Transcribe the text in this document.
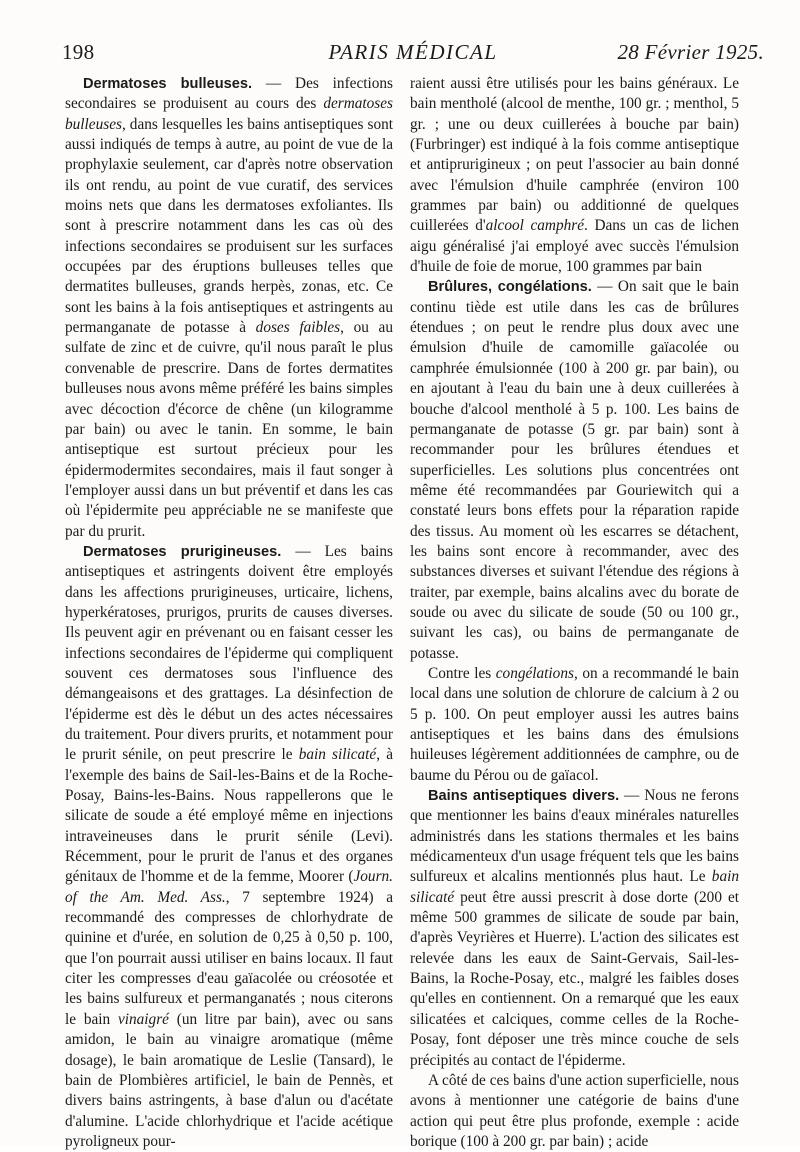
198	PARIS MÉDICAL	28 Février 1925.

Dermatoses bulleuses. — Des infections secondaires se produisent au cours des dermatoses bulleuses, dans lesquelles les bains antiseptiques sont aussi indiqués de temps à autre, au point de vue de la prophylaxie seulement, car d'après notre observation ils ont rendu, au point de vue curatif, des services moins nets que dans les dermatoses exfoliantes. Ils sont à prescrire notamment dans les cas où des infections secondaires se produisent sur les surfaces occupées par des éruptions bulleuses telles que dermatites bulleuses, grands herpès, zonas, etc. Ce sont les bains à la fois antiseptiques et astringents au permanganate de potasse à doses faibles, ou au sulfate de zinc et de cuivre, qu'il nous paraît le plus convenable de prescrire. Dans de fortes dermatites bulleuses nous avons même préféré les bains simples avec décoction d'écorce de chêne (un kilogramme par bain) ou avec le tanin. En somme, le bain antiseptique est surtout précieux pour les épidermodermites secondaires, mais il faut songer à l'employer aussi dans un but préventif et dans les cas où l'épidermite peu appréciable ne se manifeste que par du prurit.

Dermatoses prurigineuses. — Les bains antiseptiques et astringents doivent être employés dans les affections prurigineuses, urticaire, lichens, hyperkératoses, prurigos, prurits de causes diverses. Ils peuvent agir en prévenant ou en faisant cesser les infections secondaires de l'épiderme qui compliquent souvent ces dermatoses sous l'influence des démangeaisons et des grattages. La désinfection de l'épiderme est dès le début un des actes nécessaires du traitement. Pour divers prurits, et notamment pour le prurit sénile, on peut prescrire le bain silicaté, à l'exemple des bains de Sail-les-Bains et de la Roche-Posay, Bains-les-Bains. Nous rappellerons que le silicate de soude a été employé même en injections intraveineuses dans le prurit sénile (Levi). Récemment, pour le prurit de l'anus et des organes génitaux de l'homme et de la femme, Moorer (Journ. of the Am. Med. Ass., 7 septembre 1924) a recommandé des compresses de chlorhydrate de quinine et d'urée, en solution de 0,25 à 0,50 p. 100, que l'on pourrait aussi utiliser en bains locaux. Il faut citer les compresses d'eau gaïacolée ou créosotée et les bains sulfureux et permanganatés ; nous citerons le bain vinaigré (un litre par bain), avec ou sans amidon, le bain au vinaigre aromatique (même dosage), le bain aromatique de Leslie (Tansard), le bain de Plombières artificiel, le bain de Pennès, et divers bains astringents, à base d'alun ou d'acétate d'alumine. L'acide chlorhydrique et l'acide acétique pyroligneux pour-

raient aussi être utilisés pour les bains généraux. Le bain mentholé (alcool de menthe, 100 gr. ; menthol, 5 gr. ; une ou deux cuillerées à bouche par bain) (Furbringer) est indiqué à la fois comme antiseptique et antiprurigineux ; on peut l'associer au bain donné avec l'émulsion d'huile camphrée (environ 100 grammes par bain) ou additionné de quelques cuillerées d'alcool camphré. Dans un cas de lichen aigu généralisé j'ai employé avec succès l'émulsion d'huile de foie de morue, 100 grammes par bain

Brûlures, congélations. — On sait que le bain continu tiède est utile dans les cas de brûlures étendues ; on peut le rendre plus doux avec une émulsion d'huile de camomille gaïacolée ou camphrée émulsionnée (100 à 200 gr. par bain), ou en ajoutant à l'eau du bain une à deux cuillerées à bouche d'alcool mentholé à 5 p. 100. Les bains de permanganate de potasse (5 gr. par bain) sont à recommander pour les brûlures étendues et superficielles. Les solutions plus concentrées ont même été recommandées par Gouriewitch qui a constaté leurs bons effets pour la réparation rapide des tissus. Au moment où les escarres se détachent, les bains sont encore à recommander, avec des substances diverses et suivant l'étendue des régions à traiter, par exemple, bains alcalins avec du borate de soude ou avec du silicate de soude (50 ou 100 gr., suivant les cas), ou bains de permanganate de potasse.

Contre les congélations, on a recommandé le bain local dans une solution de chlorure de calcium à 2 ou 5 p. 100. On peut employer aussi les autres bains antiseptiques et les bains dans des émulsions huileuses légèrement additionnées de camphre, ou de baume du Pérou ou de gaïacol.

Bains antiseptiques divers. — Nous ne ferons que mentionner les bains d'eaux minérales naturelles administrés dans les stations thermales et les bains médicamenteux d'un usage fréquent tels que les bains sulfureux et alcalins mentionnés plus haut. Le bain silicaté peut être aussi prescrit à dose dorte (200 et même 500 grammes de silicate de soude par bain, d'après Veyrières et Huerre). L'action des silicates est relevée dans les eaux de Saint-Gervais, Sail-les-Bains, la Roche-Posay, etc., malgré les faibles doses qu'elles en contiennent. On a remarqué que les eaux silicatées et calciques, comme celles de la Roche-Posay, font déposer une très mince couche de sels précipités au contact de l'épiderme.

A côté de ces bains d'une action superficielle, nous avons à mentionner une catégorie de bains d'une action qui peut être plus profonde, exemple : acide borique (100 à 200 gr. par bain) ; acide
